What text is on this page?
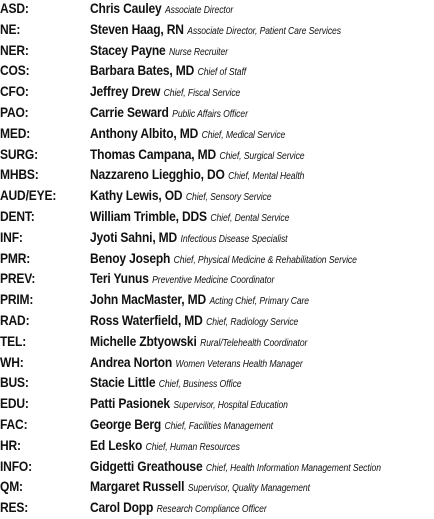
ASD:	Chris Cauley Associate Director
NE:	Steven Haag, RN Associate Director, Patient Care Services
NER:	Stacey Payne Nurse Recruiter
COS:	Barbara Bates, MD Chief of Staff
CFO:	Jeffrey Drew Chief, Fiscal Service
PAO:	Carrie Seward Public Affairs Officer
MED:	Anthony Albito, MD Chief, Medical Service
SURG:	Thomas Campana, MD Chief, Surgical Service
MHBS:	Nazzareno Liegghio, DO Chief, Mental Health
AUD/EYE:	Kathy Lewis, OD Chief, Sensory Service
DENT:	William Trimble, DDS Chief, Dental Service
INF:	Jyoti Sahni, MD Infectious Disease Specialist
PMR:	Benoy Joseph Chief, Physical Medicine & Rehabilitation Service
PREV:	Teri Yunus Preventive Medicine Coordinator
PRIM:	John MacMaster, MD Acting Chief, Primary Care
RAD:	Ross Waterfield, MD Chief, Radiology Service
TEL:	Michelle Zbtyowski Rural/Telehealth Coordinator
WH:	Andrea Norton Women Veterans Health Manager
BUS:	Stacie Little Chief, Business Office
EDU:	Patti Pasionek Supervisor, Hospital Education
FAC:	George Berg Chief, Facilities Management
HR:	Ed Lesko Chief, Human Resources
INFO:	Gidgetti Greathouse Chief, Health Information Management Section
QM:	Margaret Russell Supervisor, Quality Management
RES:	Carol Dopp Research Compliance Officer
